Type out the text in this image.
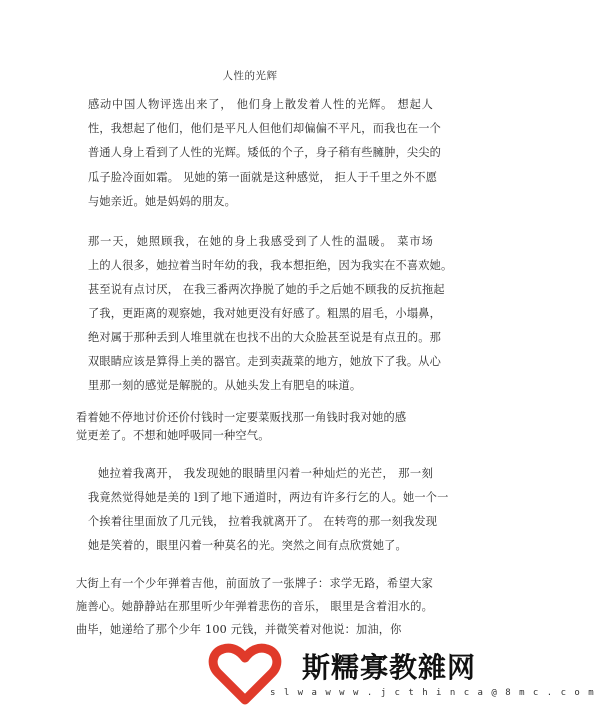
人性的光辉
感动中国人物评选出来了， 他们身上散发着人性的光辉。 想起人
性，我想起了他们，他们是平凡人但他们却偏偏不平凡，而我也在一个
普通人身上看到了人性的光辉。矮低的个子，身子稍有些臃肿，尖尖的
瓜子脸冷面如霜。 见她的第一面就是这种感觉， 拒人于千里之外不愿
与她亲近。她是妈妈的朋友。
那一天，她照顾我，在她的身上我感受到了人性的温暖。 菜市场
上的人很多，她拉着当时年幼的我，我本想拒绝，因为我实在不喜欢她。
甚至说有点讨厌， 在我三番两次挣脱了她的手之后她不顾我的反抗拖起
了我，更距离的观察她，我对她更没有好感了。粗黑的眉毛，小塌鼻，
绝对属于那种丢到人堆里就在也找不出的大众脸甚至说是有点丑的。那
双眼睛应该是算得上美的器官。走到卖蔬菜的地方，她放下了我。从心
里那一刻的感觉是解脱的。从她头发上有肥皂的味道。
看着她不停地讨价还价付钱时一定要菜贩找那一角钱时我对她的感
觉更差了。不想和她呼吸同一种空气。
她拉着我离开， 我发现她的眼睛里闪着一种灿烂的光芒， 那一刻
我竟然觉得她是美的 l到了地下通道时，两边有许多行乞的人。她一个一
个挨着往里面放了几元钱， 拉着我就离开了。 在转弯的那一刻我发现
她是笑着的，眼里闪着一种莫名的光。突然之间有点欣赏她了。
大街上有一个少年弹着吉他，前面放了一张牌子：求学无路，希望大家
施善心。她静静站在那里听少年弹着悲伤的音乐， 眼里是含着泪水的。
曲毕，她递给了那个少年 100 元钱，并微笑着对他说：加油，你
斯糯寡教雜网
s l w a w w w . j c t h i n c a @ 8 m c . c o m
